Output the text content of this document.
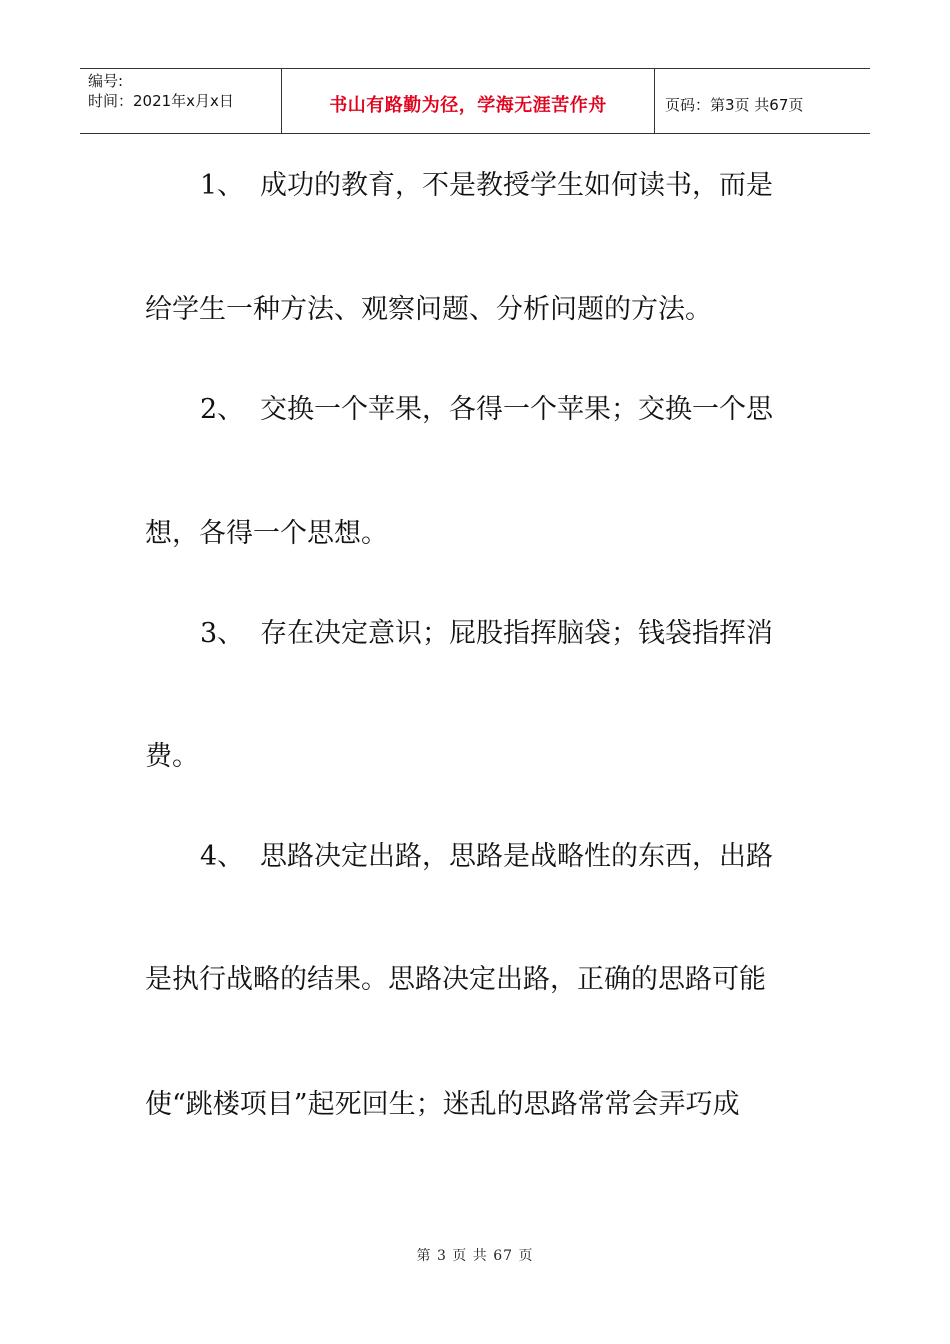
编号:
时间：2021年x月x日	书山有路勤为径，学海无涯苦作舟	页码：第3页 共67页
1、 成功的教育，不是教授学生如何读书，而是
给学生一种方法、观察问题、分析问题的方法。
2、 交换一个苹果，各得一个苹果；交换一个思
想，各得一个思想。
3、 存在决定意识；屁股指挥脑袋；钱袋指挥消
费。
4、 思路决定出路，思路是战略性的东西，出路
是执行战略的结果。思路决定出路，正确的思路可能
使“跳楼项目”起死回生；迷乱的思路常常会弄巧成
第 3 页 共 67 页
